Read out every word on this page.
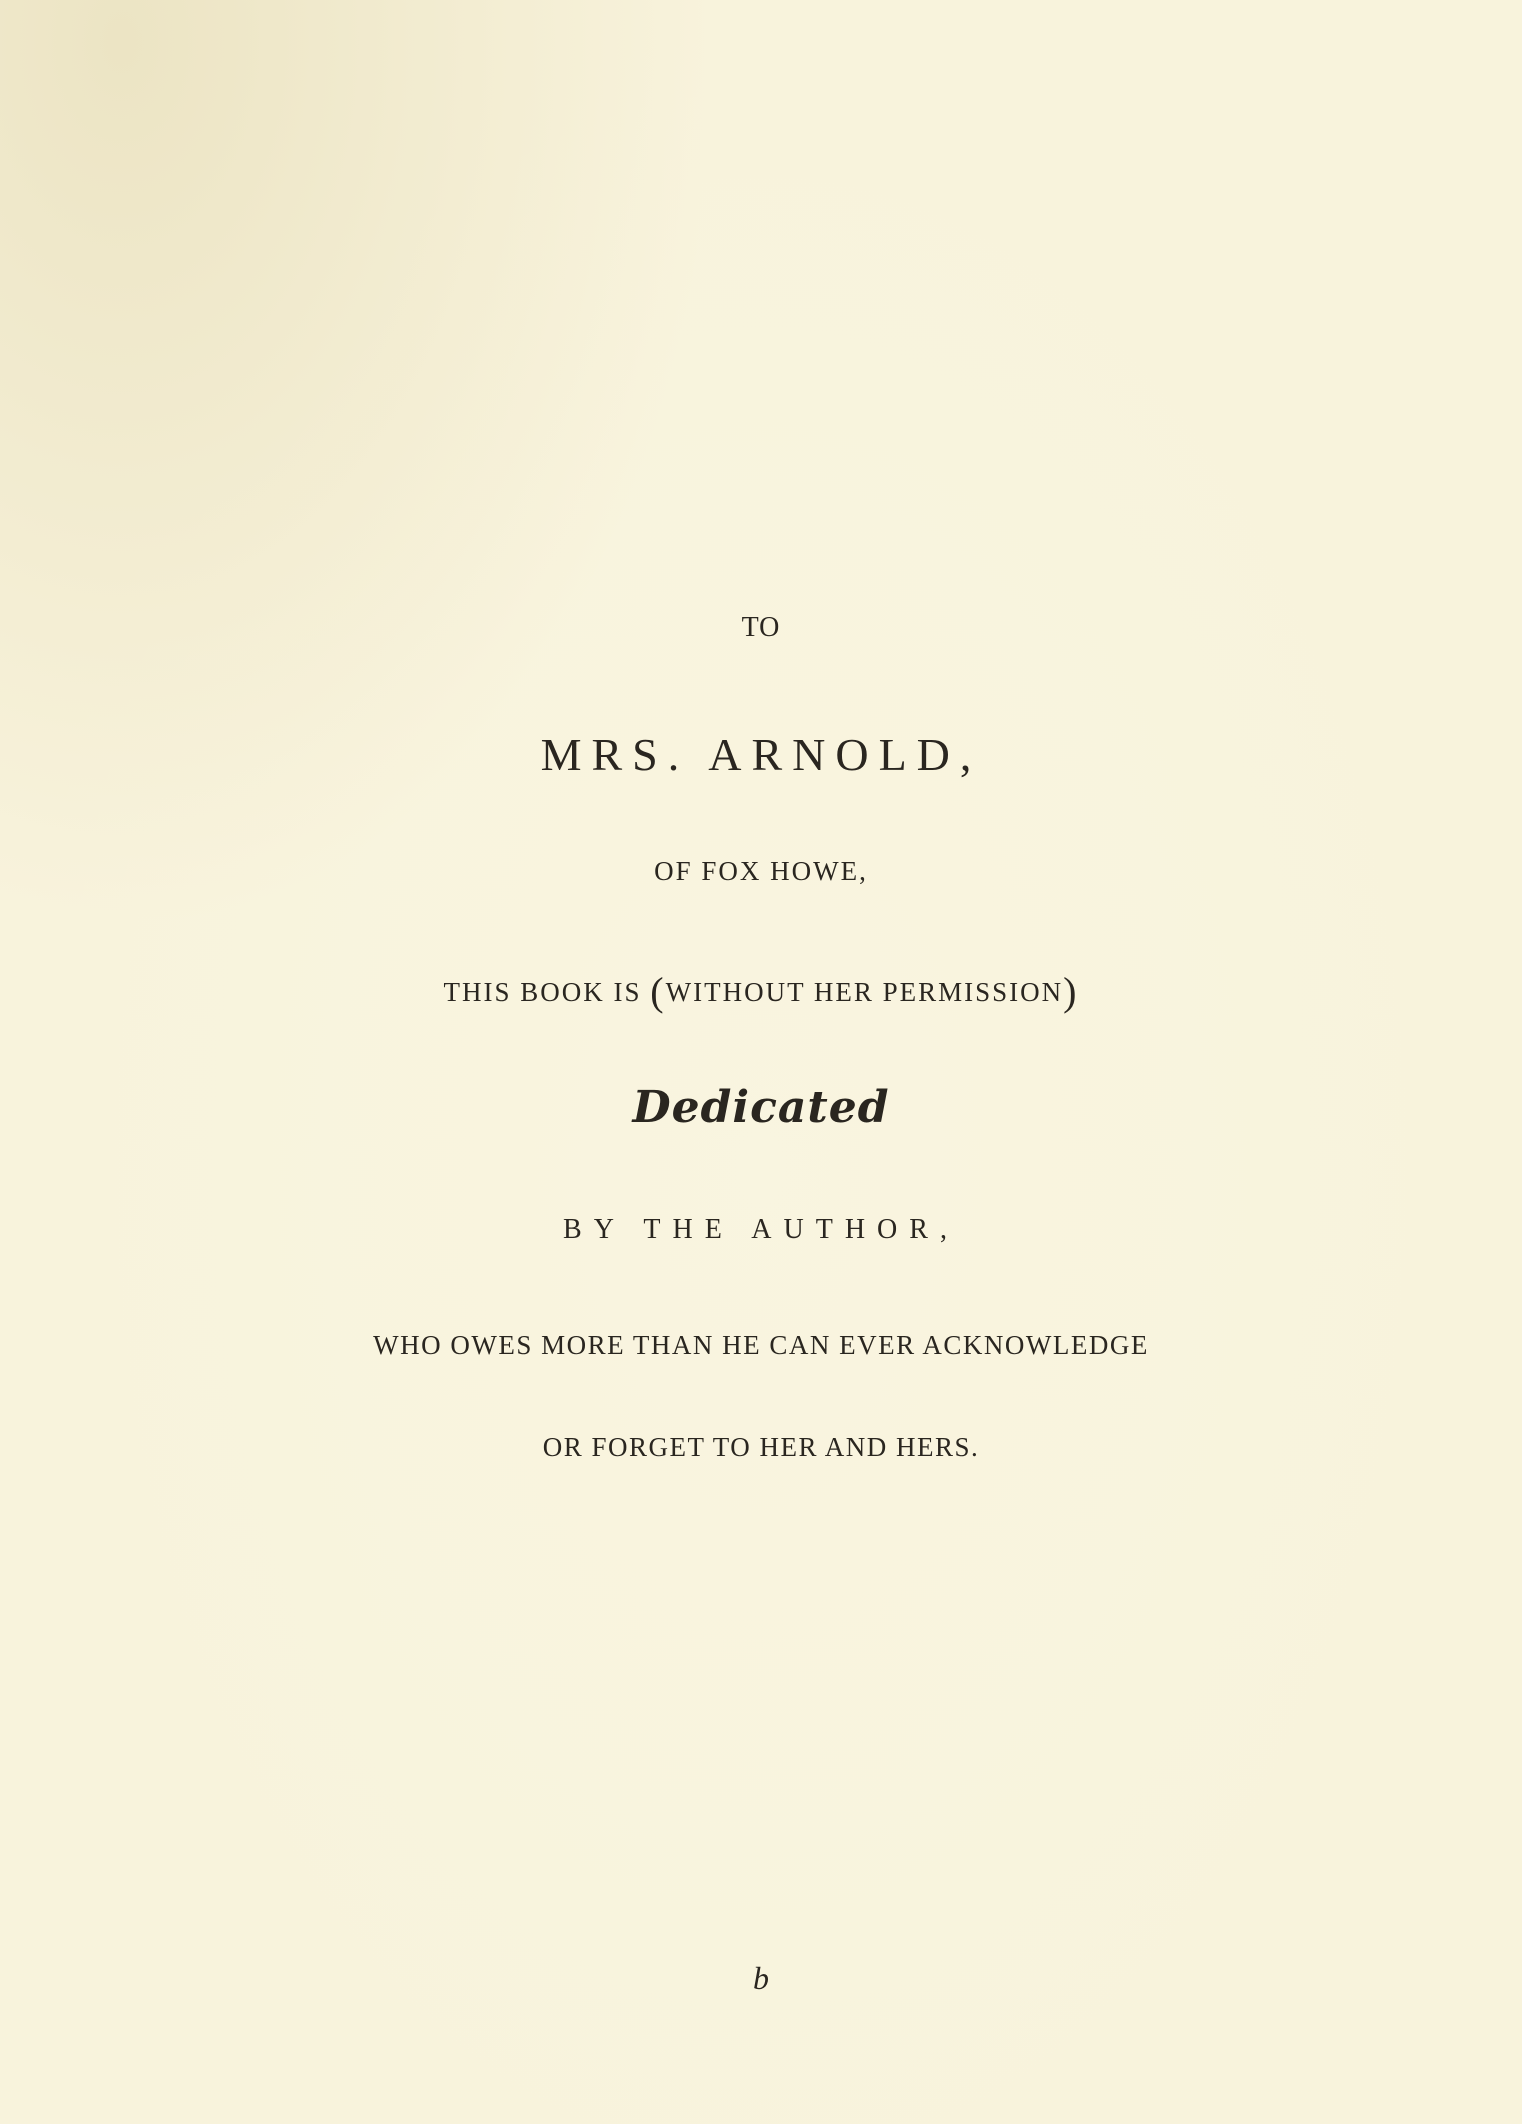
TO
MRS. ARNOLD,
OF FOX HOWE,
THIS BOOK IS (WITHOUT HER PERMISSION)
Dedicated
BY THE AUTHOR,
WHO OWES MORE THAN HE CAN EVER ACKNOWLEDGE
OR FORGET TO HER AND HERS.
b
